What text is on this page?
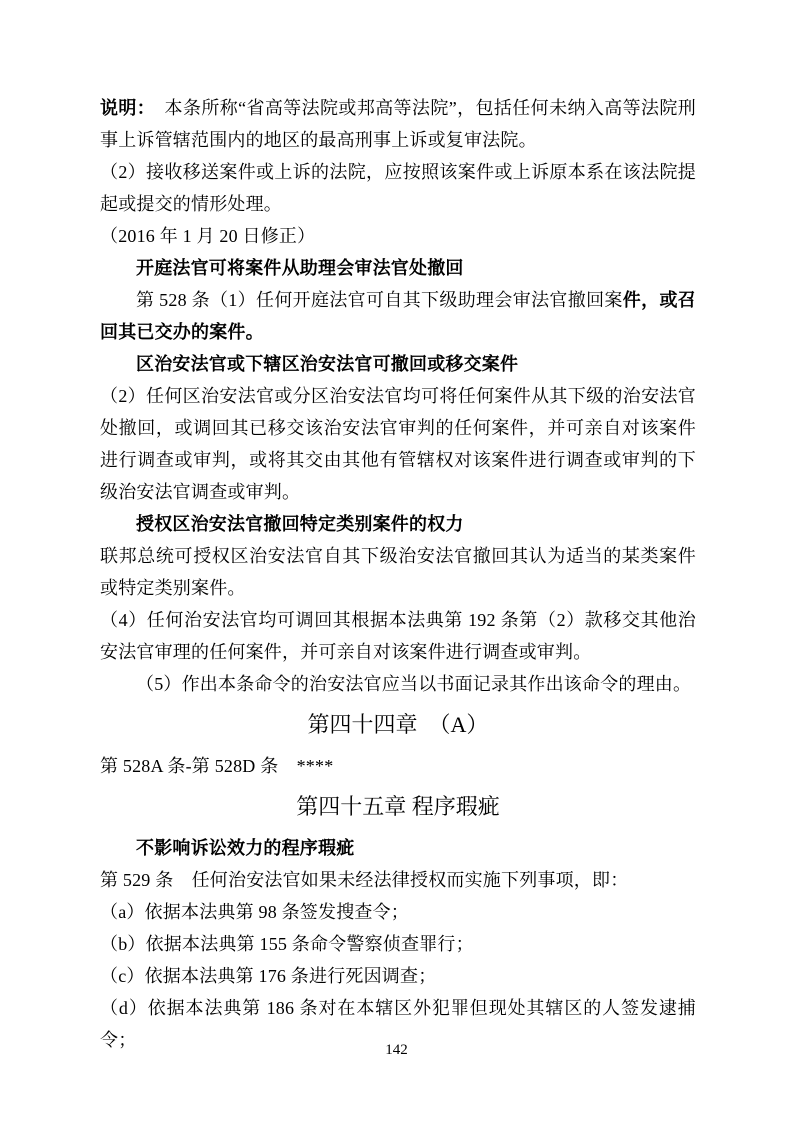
说明：　本条所称“省高等法院或邦高等法院”，包括任何未纳入高等法院刑事上诉管辖范围内的地区的最高刑事上诉或复审法院。

（2）接收移送案件或上诉的法院，应按照该案件或上诉原本系在该法院提起或提交的情形处理。

（2016 年 1 月 20 日修正）

开庭法官可将案件从助理会审法官处撤回

第 528 条（1）任何开庭法官可自其下级助理会审法官撤回案件，或召回其已交办的案件。

区治安法官或下辖区治安法官可撤回或移交案件

（2）任何区治安法官或分区治安法官均可将任何案件从其下级的治安法官处撤回，或调回其已移交该治安法官审判的任何案件，并可亲自对该案件进行调查或审判，或将其交由其他有管辖权对该案件进行调查或审判的下级治安法官调查或审判。

授权区治安法官撤回特定类别案件的权力

联邦总统可授权区治安法官自其下级治安法官撤回其认为适当的某类案件或特定类别案件。

（4）任何治安法官均可调回其根据本法典第 192 条第（2）款移交其他治安法官审理的任何案件，并可亲自对该案件进行调查或审判。

（5）作出本条命令的治安法官应当以书面记录其作出该命令的理由。

第四十四章　（A）

第 528A 条-第 528D 条　****

第四十五章 程序瑕疵

不影响诉讼效力的程序瑕疵

第 529 条　任何治安法官如果未经法律授权而实施下列事项，即：

（a）依据本法典第 98 条签发搜查令；

（b）依据本法典第 155 条命令警察侦查罪行；

（c）依据本法典第 176 条进行死因调查；

（d）依据本法典第 186 条对在本辖区外犯罪但现处其辖区的人签发逮捕令；	142
